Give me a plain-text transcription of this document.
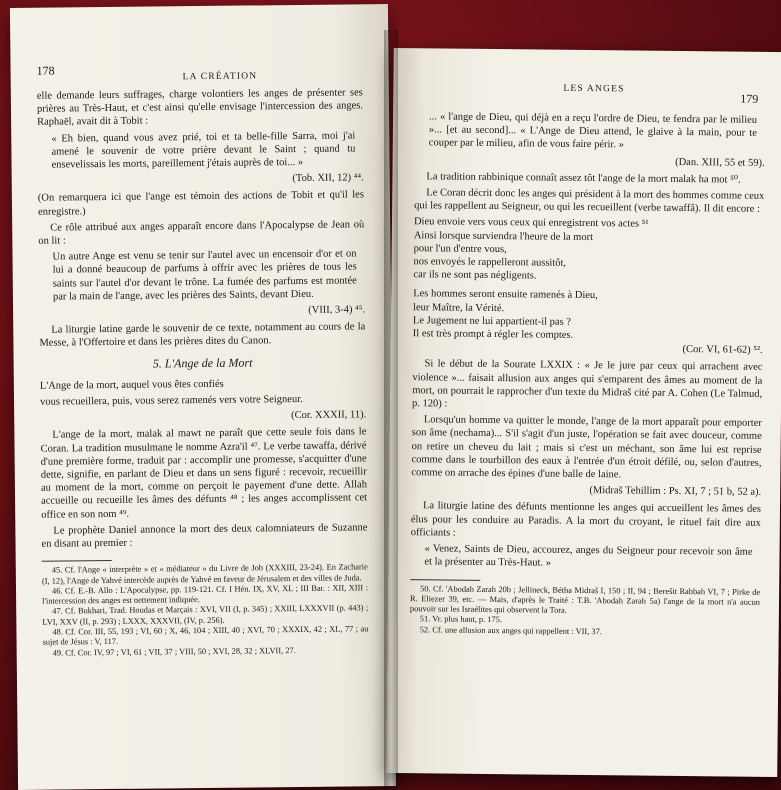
178	LA CRÉATION

elle demande leurs suffrages, charge volontiers les anges de présenter ses prières au Très-Haut, et c'est ainsi qu'elle envisage l'intercession des anges. Raphaël, avait dit à Tobit :

« Eh bien, quand vous avez prié, toi et ta belle-fille Sarra, moi j'ai amené le souvenir de votre prière devant le Saint ; quand tu ensevelissais les morts, pareillement j'étais auprès de toi... »

(Tob. XII, 12) ⁴⁴.

(On remarquera ici que l'ange est témoin des actions de Tobit et qu'il les enregistre.)

Ce rôle attribué aux anges apparaît encore dans l'Apocalypse de Jean où on lit :

Un autre Ange est venu se tenir sur l'autel avec un encensoir d'or et on lui a donné beaucoup de parfums à offrir avec les prières de tous les saints sur l'autel d'or devant le trône. La fumée des parfums est montée par la main de l'ange, avec les prières des Saints, devant Dieu.

(VIII, 3-4) ⁴⁵.

La liturgie latine garde le souvenir de ce texte, notamment au cours de la Messe, à l'Offertoire et dans les prières dites du Canon.

5. L'Ange de la Mort

L'Ange de la mort, auquel vous êtes confiés

vous recueillera, puis, vous serez ramenés vers votre Seigneur.

(Cor. XXXII, 11).

L'ange de la mort, malak al mawt ne paraît que cette seule fois dans le Coran. La tradition musulmane le nomme Azra'il ⁴⁷. Le verbe tawaffa, dérivé d'une première forme, traduit par : accomplir une promesse, s'acquitter d'une dette, signifie, en parlant de Dieu et dans un sens figuré : recevoir, recueillir au moment de la mort, comme on perçoit le payement d'une dette. Allah accueille ou recueille les âmes des défunts ⁴⁸ ; les anges accomplissent cet office en son nom ⁴⁹.

Le prophète Daniel annonce la mort des deux calomniateurs de Suzanne en disant au premier :

45. Cf. l'Ange « interprète » et « médiateur » du Livre de Job (XXXIII, 23-24). En Zacharie (I, 12), l'Ange de Yahvé intercède auprès de Yahvé en faveur de Jérusalem et des villes de Juda.

46. Cf. E.-B. Allo : L'Apocalypse, pp. 119-121. Cf. I Hén. IX, XV, XL ; III Bar. : XII, XIII : l'intercession des anges est nettement indiquée.

47. Cf. Bukhari, Trad. Houdas et Marçais : XVI, VII (I, p. 345) ; XXIII, LXXXVII (p. 443) ; LVI, XXV (II, p. 293) ; LXXX, XXXVII, (IV, p. 256).

48. Cf. Cor. III, 55, 193 ; VI, 60 ; X, 46, 104 ; XIII, 40 ; XVI, 70 ; XXXIX, 42 ; XL, 77 ; au sujet de Jésus : V, 117.

49. Cf. Cor. IV, 97 ; VI, 61 ; VII, 37 ; VIII, 50 ; XVI, 28, 32 ; XLVII, 27.

LES ANGES
179

... « l'ange de Dieu, qui déjà en a reçu l'ordre de Dieu, te fendra par le milieu »... [et au second]... « L'Ange de Dieu attend, le glaive à la main, pour te couper par le milieu, afin de vous faire périr. »

(Dan. XIII, 55 et 59).

La tradition rabbinique connaît assez tôt l'ange de la mort malak ha mot ⁵⁰.

Le Coran décrit donc les anges qui président à la mort des hommes comme ceux qui les rappellent au Seigneur, ou qui les recueillent (verbe tawaffâ). Il dit encore :

Dieu envoie vers vous ceux qui enregistrent vos actes ⁵¹

Ainsi lorsque surviendra l'heure de la mort

pour l'un d'entre vous,

nos envoyés le rappelleront aussitôt,

car ils ne sont pas négligents.

Les hommes seront ensuite ramenés à Dieu,

leur Maître, la Vérité.

Le Jugement ne lui appartient-il pas ?

Il est très prompt à régler les comptes.

(Cor. VI, 61-62) ⁵².

Si le début de la Sourate LXXIX : « Je le jure par ceux qui arrachent avec violence »... faisait allusion aux anges qui s'emparent des âmes au moment de la mort, on pourrait le rapprocher d'un texte du Midraš cité par A. Cohen (Le Talmud, p. 120) :

Lorsqu'un homme va quitter le monde, l'ange de la mort apparaît pour emporter son âme (nechama)... S'il s'agit d'un juste, l'opération se fait avec douceur, comme on retire un cheveu du lait ; mais si c'est un méchant, son âme lui est reprise comme dans le tourbillon des eaux à l'entrée d'un étroit défilé, ou, selon d'autres, comme on arrache des épines d'une balle de laine.

(Midraš Tehillim : Ps. XI, 7 ; 51 b, 52 a).

La liturgie latine des défunts mentionne les anges qui accueillent les âmes des élus pour les conduire au Paradis. A la mort du croyant, le rituel fait dire aux officiants :

« Venez, Saints de Dieu, accourez, anges du Seigneur pour recevoir son âme et la présenter au Très-Haut. »

50. Cf. 'Abodah Zarah 20b ; Jellineck, Bétha Midraš I, 150 ; II, 94 ; Berešit Rabbah VI, 7 ; Pirke de R. Eliezer 39, etc. — Mais, d'après le Traité : T.B. 'Abodah Zarah 5a) l'ange de la mort n'a aucun pouvoir sur les Israélites qui observent la Tora.

51. Vr. plus haut, p. 175.

52. Cf. une allusion aux anges qui rappellent : VII, 37.
